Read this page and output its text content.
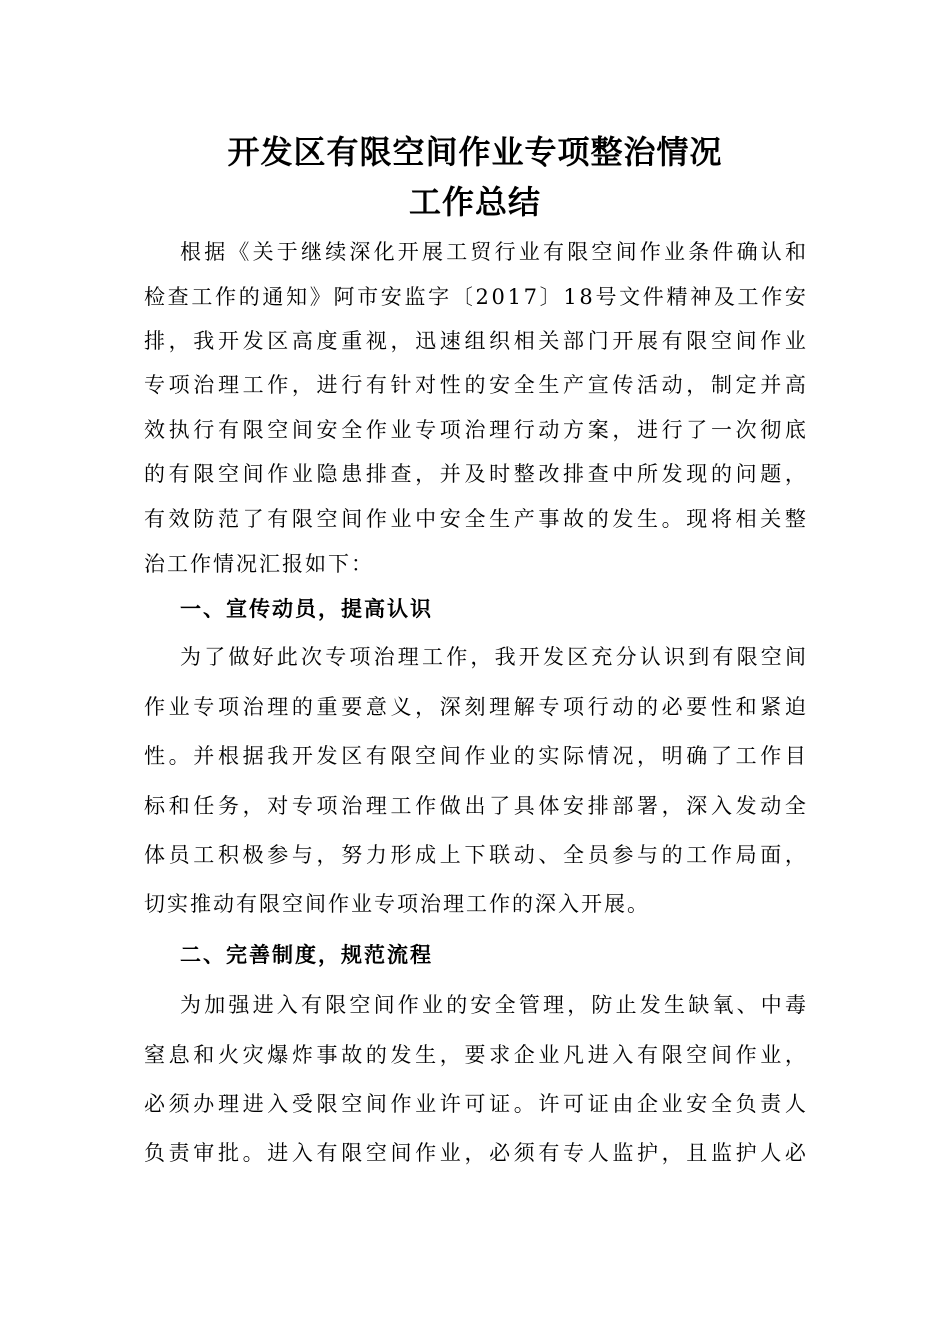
开发区有限空间作业专项整治情况
工作总结
根据《关于继续深化开展工贸行业有限空间作业条件确认和
检查工作的通知》阿市安监字〔2017〕18号文件精神及工作安
排，我开发区高度重视，迅速组织相关部门开展有限空间作业
专项治理工作，进行有针对性的安全生产宣传活动，制定并高
效执行有限空间安全作业专项治理行动方案，进行了一次彻底
的有限空间作业隐患排查，并及时整改排查中所发现的问题，
有效防范了有限空间作业中安全生产事故的发生。现将相关整
治工作情况汇报如下：
一、宣传动员，提高认识
为了做好此次专项治理工作，我开发区充分认识到有限空间
作业专项治理的重要意义，深刻理解专项行动的必要性和紧迫
性。并根据我开发区有限空间作业的实际情况，明确了工作目
标和任务，对专项治理工作做出了具体安排部署，深入发动全
体员工积极参与，努力形成上下联动、全员参与的工作局面，
切实推动有限空间作业专项治理工作的深入开展。
二、完善制度，规范流程
为加强进入有限空间作业的安全管理，防止发生缺氧、中毒
窒息和火灾爆炸事故的发生，要求企业凡进入有限空间作业，
必须办理进入受限空间作业许可证。许可证由企业安全负责人
负责审批。进入有限空间作业，必须有专人监护，且监护人必
